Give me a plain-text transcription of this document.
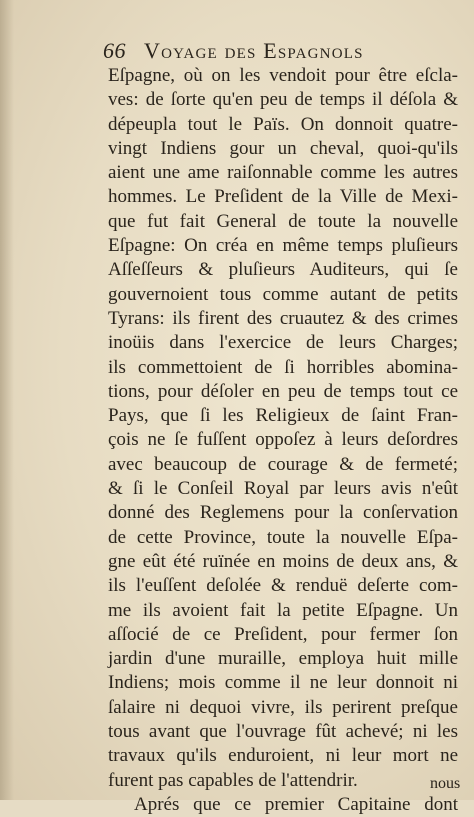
66 Voyage des Espagnols
Eſpagne, où on les vendoit pour être eſcla-
ves: de ſorte qu'en peu de temps il déſola &
dépeupla tout le Païs. On donnoit quatre-
vingt Indiens gour un cheval, quoi-qu'ils
aient une ame raiſonnable comme les autres
hommes. Le Preſident de la Ville de Mexi-
que fut fait General de toute la nouvelle
Eſpagne: On créa en même temps pluſieurs
Aſſeſſeurs & pluſieurs Auditeurs, qui ſe
gouvernoient tous comme autant de petits
Tyrans: ils firent des cruautez & des crimes
inoüis dans l'exercice de leurs Charges;
ils commettoient de ſi horribles abomina-
tions, pour déſoler en peu de temps tout ce
Pays, que ſi les Religieux de ſaint Fran-
çois ne ſe fuſſent oppoſez à leurs deſordres
avec beaucoup de courage & de fermeté;
& ſi le Conſeil Royal par leurs avis n'eût
donné des Reglemens pour la conſervation
de cette Province, toute la nouvelle Eſpa-
gne eût été ruïnée en moins de deux ans, &
ils l'euſſent deſolée & renduë deſerte com-
me ils avoient fait la petite Eſpagne. Un
aſſocié de ce Preſident, pour fermer ſon
jardin d'une muraille, employa huit mille
Indiens; mois comme il ne leur donnoit ni
ſalaire ni dequoi vivre, ils perirent preſque
tous avant que l'ouvrage fût achevé; ni les
travaux qu'ils enduroient, ni leur mort ne
furent pas capables de l'attendrir.
Aprés que ce premier Capitaine dont
nous
